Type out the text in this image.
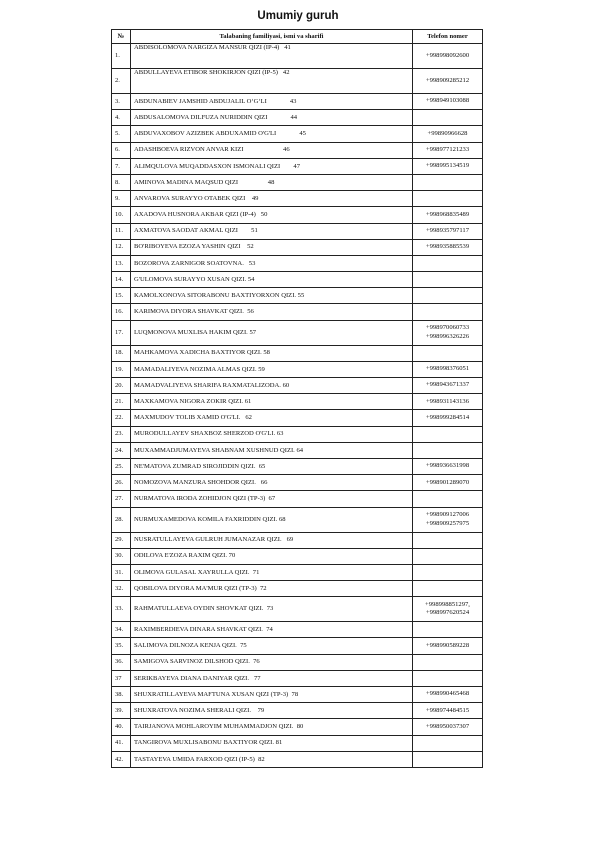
Umumiy guruh
№	Talabaning familiyasi, ismi va sharifi	Telefon nomer
1.	ABDISOLOMOVA NARGIZA MANSUR QIZI (IP-4)   41	+998998092600

2.	ABDULLAYEVA ETIBOR SHOKIRJON QIZI (IP-5)   42	+998909285212

3.	ABDUNABIEV JAMSHID ABDUJALIL O‘G‘LI              43	+998949103088

4.	ABDUSALOMOVA DILFUZA NURIDDIN QIZI              44	
5.	ABDUVAXOBOV AZIZBEK ABDUXAMID O'G'LI              45	+99890966628

6.	ADASHBOEVA RIZVON ANVAR KIZI                        46	+998977121233

7.	ALIMQULOVA MUQADDASXON ISMONALI QIZI        47	+998995134519

8.	AMINOVA MADINA MAQSUD QIZI                  48	
9.	ANVAROVA SURAYYO OTABEK QIZI    49	
10.	AXADOVA HUSNORA AKBAR QIZI (IP-4)   50	+998968835489

11.	AXMATOVA SAODAT AKMAL QIZI        51	+998935797117

12.	BO'RIBOYEVA EZOZA YASHIN QIZI    52	+998935885539

13.	BOZOROVA ZARNIGOR SOATOVNA.   53	
14.	G'ULOMOVA SURAYYO XUSAN QIZI. 54	
15.	KAMOLXONOVA SITORABONU BAXTIYORXON QIZI. 55	
16.	KARIMOVA DIYORA SHAVKAT QIZI.  56	
17.	LUQMONOVA MUXLISA HAKIM QIZI. 57	+998970060733
+998996326226

18.	MAHKAMOVA XADICHA BAXTIYOR QIZI. 58	
19.	MAMADALIYEVA NOZIMA ALMAS QIZI. 59	+998998376051

20.	MAMADVALIYEVA SHARIFA RAXMATALIZODA. 60	+998943671337

21.	MAXKAMOVA NIGORA ZOKIR QIZI. 61	+998931143136

22.	MAXMUDOV TOLIB XAMID O'G'LI.   62	+998999284514

23.	MURODULLAYEV SHAXBOZ SHERZOD O'G'LI. 63	
24.	MUXAMMADJUMAYEVA SHABNAM XUSHNUD QIZI. 64	
25.	NE'MATOVA ZUMRAD SIROJIDDIN QIZI.  65	+998936631998

26.	NOMOZOVA MANZURA SHOHDOR QIZI.   66	+998901289070

27.	NURMATOVA IRODA ZOHIDJON QIZI (TP-3)  67	
28.	NURMUXAMEDOVA KOMILA FAXRIDDIN QIZI. 68	+998909127006
+998909257975

29.	NUSRATULLAYEVA GULRUH JUMANAZAR QIZI.   69	
30.	ODILOVA E'ZOZA RAXIM QIZI. 70	
31.	OLIMOVA GULASAL XAYRULLA QIZI.  71	
32.	QOBILOVA DIYORA MA'MUR QIZI (TP-3)  72	
33.	RAHMATULLAEVA OYDIN SHOVKAT QIZI.  73	+998998851297,
+998997620524

34.	RAXIMBERDIEVA DINARA SHAVKAT QIZI.  74	
35.	SALIMOVA DILNOZA KENJA QIZI.  75	+998990589228

36.	SAMIGOVA SARVINOZ DILSHOD QIZI.  76	
37	SERIKBAYEVA DIANA DANIYAR QIZI.   77	
38.	SHUXRATILLAYEVA MAFTUNA XUSAN QIZI (TP-3)  78	+998990465468

39.	SHUXRATOVA NOZIMA SHERALI QIZI.    79	+998974484515

40.	TAIRJANOVA MOHLAROYIM MUHAMMADJON QIZI.  80	+998950037307

41.	TANGIROVA MUXLISABONU BAXTIYOR QIZI. 81	
42.	TASTAYEVA UMIDA FARXOD QIZI (IP-5)  82	
